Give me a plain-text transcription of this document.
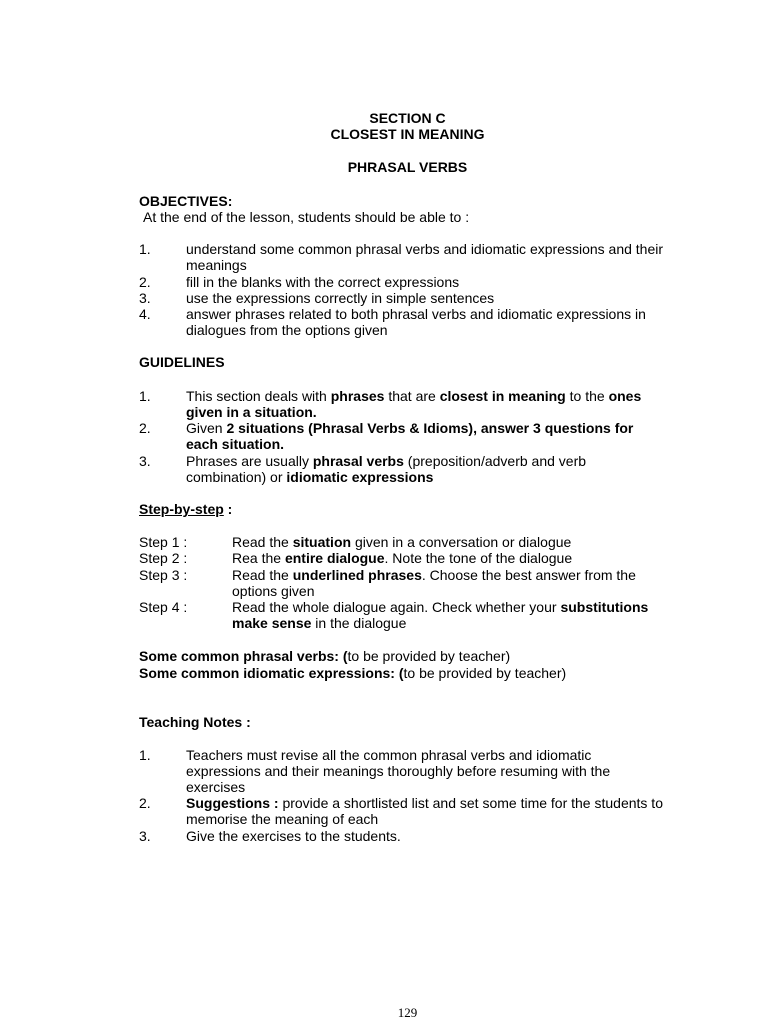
SECTION C
CLOSEST IN MEANING
PHRASAL VERBS
OBJECTIVES:
At the end of the lesson, students should be able to :
1.	understand some common phrasal verbs and idiomatic expressions and their
meanings
2.	fill in the blanks with the correct expressions
3.	use the expressions correctly in simple sentences
4.	answer phrases related to both phrasal verbs and idiomatic expressions in
dialogues from the options given
GUIDELINES
1.	This section deals with phrases that are closest in meaning to the ones
given in a situation.
2.	Given 2 situations (Phrasal Verbs & Idioms), answer 3 questions for
each situation.
3.	Phrases are usually phrasal verbs (preposition/adverb and verb
combination) or idiomatic expressions
Step-by-step :
Step 1 :	Read the situation given in a conversation or dialogue
Step 2 :	Rea the entire dialogue. Note the tone of the dialogue
Step 3 :	Read the underlined phrases. Choose the best answer from the
options given
Step 4 :	Read the whole dialogue again. Check whether your substitutions
make sense in the dialogue
Some common phrasal verbs: (to be provided by teacher)
Some common idiomatic expressions: (to be provided by teacher)
Teaching Notes :
1.	Teachers must revise all the common phrasal verbs and idiomatic
expressions and their meanings thoroughly before resuming with the
exercises
2.	Suggestions : provide a shortlisted list and set some time for the students to
memorise the meaning of each
3.	Give the exercises to the students.
129
